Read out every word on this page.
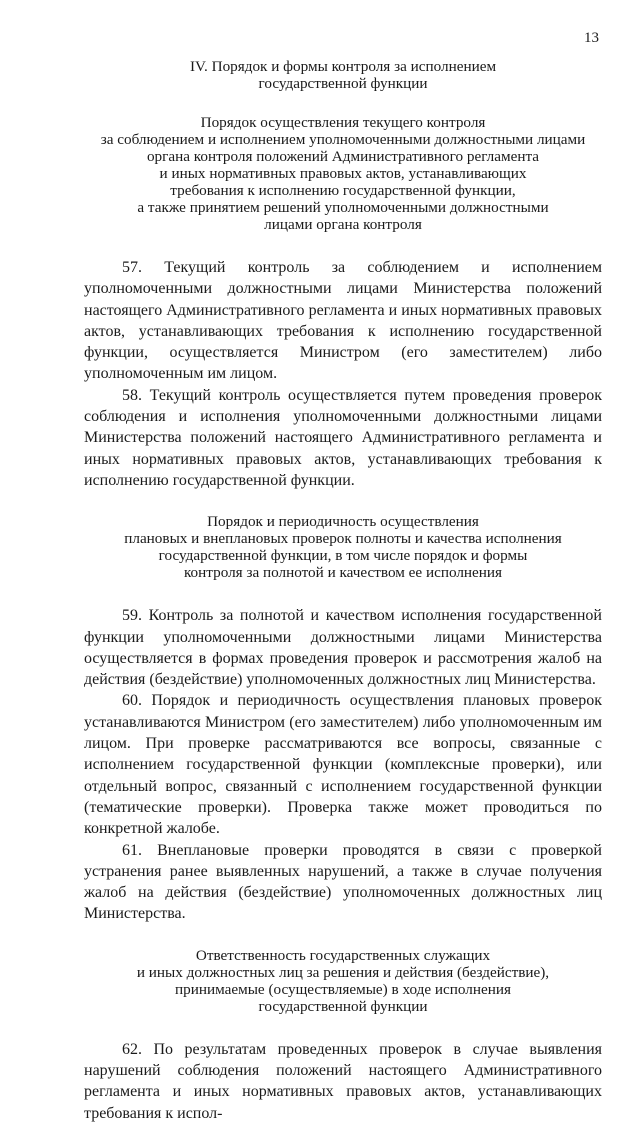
13
IV. Порядок и формы контроля за исполнением
государственной функции
Порядок осуществления текущего контроля
за соблюдением и исполнением уполномоченными должностными лицами
органа контроля положений Административного регламента
и иных нормативных правовых актов, устанавливающих
требования к исполнению государственной функции,
а также принятием решений уполномоченными должностными
лицами органа контроля

57. Текущий контроль за соблюдением и исполнением уполномоченными должностными лицами Министерства положений настоящего Административного регламента и иных нормативных правовых актов, устанавливающих требования к исполнению государственной функции, осуществляется Министром (его заместителем) либо уполномоченным им лицом.

58. Текущий контроль осуществляется путем проведения проверок соблюдения и исполнения уполномоченными должностными лицами Министерства положений настоящего Административного регламента и иных нормативных правовых актов, устанавливающих требования к исполнению государственной функции.

Порядок и периодичность осуществления
плановых и внеплановых проверок полноты и качества исполнения
государственной функции, в том числе порядок и формы
контроля за полнотой и качеством ее исполнения

59. Контроль за полнотой и качеством исполнения государственной функции уполномоченными должностными лицами Министерства осуществляется в формах проведения проверок и рассмотрения жалоб на действия (бездействие) уполномоченных должностных лиц Министерства.

60. Порядок и периодичность осуществления плановых проверок устанавливаются Министром (его заместителем) либо уполномоченным им лицом. При проверке рассматриваются все вопросы, связанные с исполнением государственной функции (комплексные проверки), или отдельный вопрос, связанный с исполнением государственной функции (тематические проверки). Проверка также может проводиться по конкретной жалобе.

61. Внеплановые проверки проводятся в связи с проверкой устранения ранее выявленных нарушений, а также в случае получения жалоб на действия (бездействие) уполномоченных должностных лиц Министерства.

Ответственность государственных служащих
и иных должностных лиц за решения и действия (бездействие),
принимаемые (осуществляемые) в ходе исполнения
государственной функции

62. По результатам проведенных проверок в случае выявления нарушений соблюдения положений настоящего Административного регламента и иных нормативных правовых актов, устанавливающих требования к испол-
